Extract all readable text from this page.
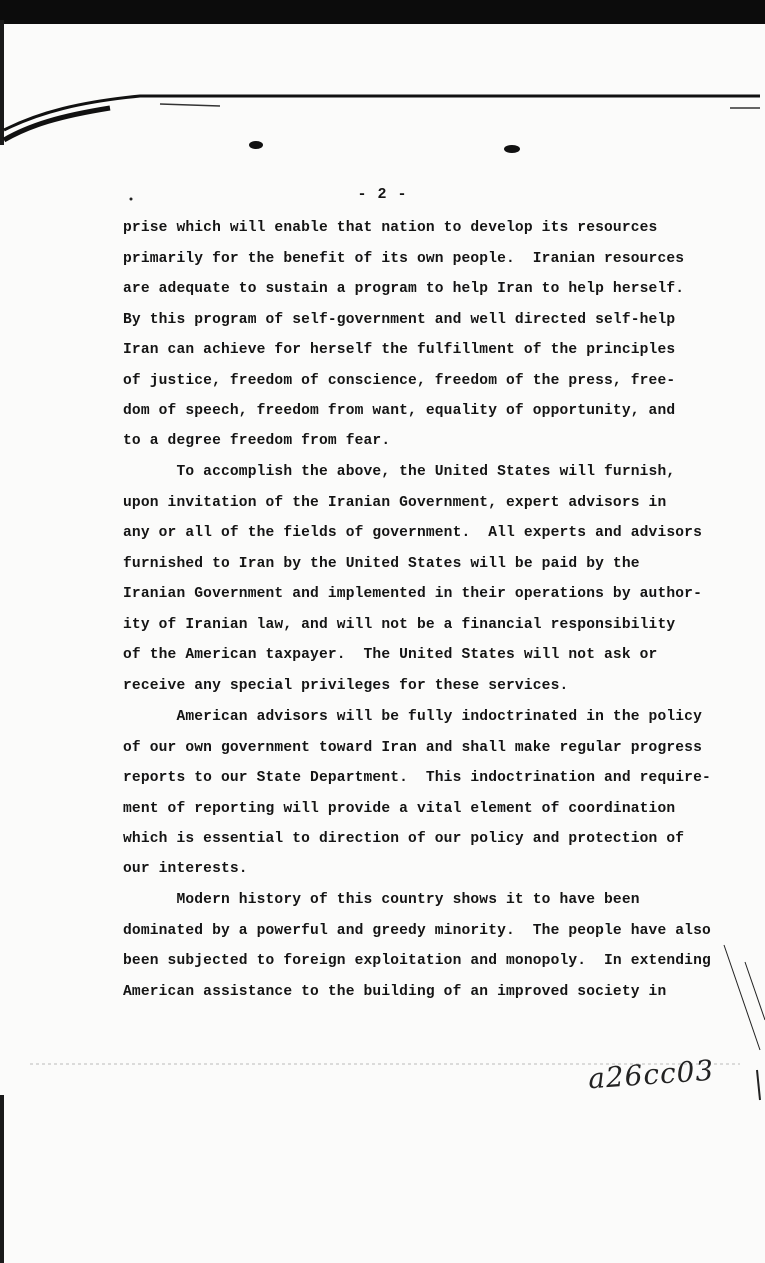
- 2 -
prise which will enable that nation to develop its resources
primarily for the benefit of its own people.  Iranian resources
are adequate to sustain a program to help Iran to help herself.
By this program of self-government and well directed self-help
Iran can achieve for herself the fulfillment of the principles
of justice, freedom of conscience, freedom of the press, free-
dom of speech, freedom from want, equality of opportunity, and
to a degree freedom from fear.
To accomplish the above, the United States will furnish,
upon invitation of the Iranian Government, expert advisors in
any or all of the fields of government.  All experts and advisors
furnished to Iran by the United States will be paid by the
Iranian Government and implemented in their operations by author-
ity of Iranian law, and will not be a financial responsibility
of the American taxpayer.  The United States will not ask or
receive any special privileges for these services.
American advisors will be fully indoctrinated in the policy
of our own government toward Iran and shall make regular progress
reports to our State Department.  This indoctrination and require-
ment of reporting will provide a vital element of coordination
which is essential to direction of our policy and protection of
our interests.
Modern history of this country shows it to have been
dominated by a powerful and greedy minority.  The people have also
been subjected to foreign exploitation and monopoly.  In extending
American assistance to the building of an improved society in
a26cc03
